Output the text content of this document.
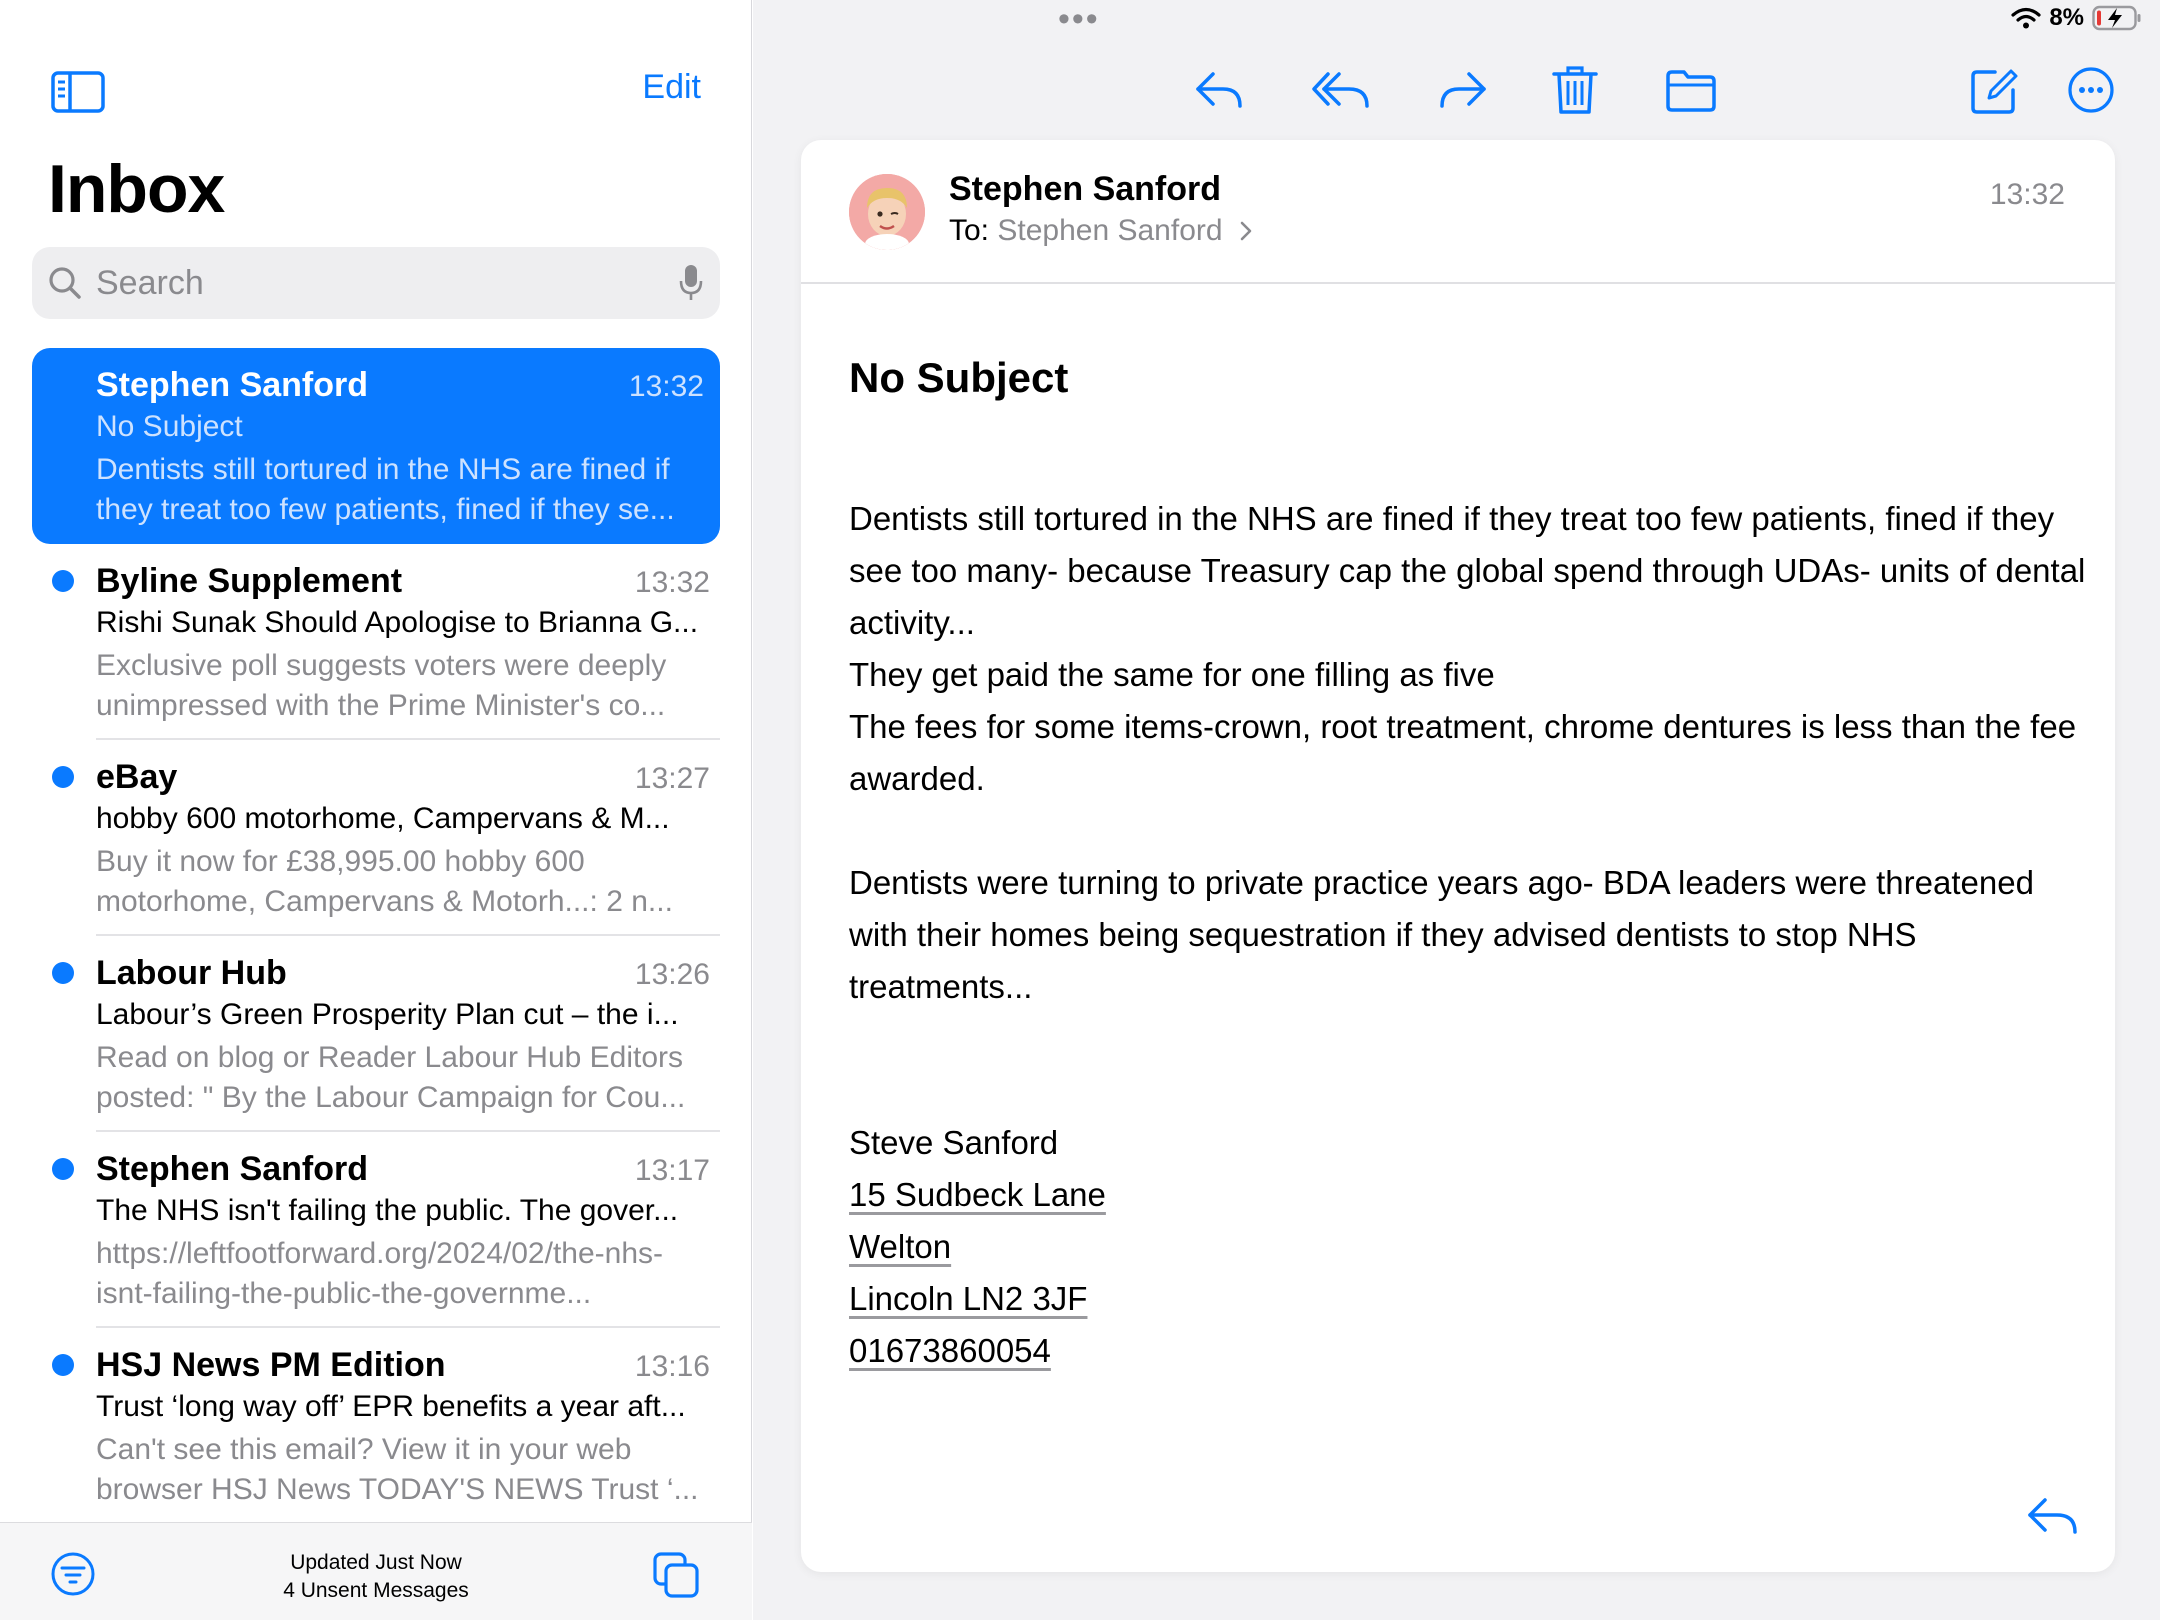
Edit
Inbox
Search
Stephen Sanford	13:32
No Subject
Dentists still tortured in the NHS are fined if they treat too few patients, fined if they se...
Byline Supplement	13:32
Rishi Sunak Should Apologise to Brianna G...
Exclusive poll suggests voters were deeply unimpressed with the Prime Minister's co...
eBay	13:27
hobby 600 motorhome, Campervans & M...
Buy it now for £38,995.00 hobby 600 motorhome, Campervans & Motorh...: 2 n...
Labour Hub	13:26
Labour’s Green Prosperity Plan cut – the i...
Read on blog or Reader Labour Hub Editors posted: " By the Labour Campaign for Cou...
Stephen Sanford	13:17
The NHS isn't failing the public. The gover...
https://leftfootforward.org/2024/02/the-nhs-isnt-failing-the-public-the-governme...
HSJ News PM Edition	13:16
Trust ‘long way off’ EPR benefits a year aft...
Can't see this email? View it in your web browser HSJ News TODAY'S NEWS Trust ‘...
Updated Just Now
4 Unsent Messages
•••
Stephen Sanford
To: Stephen Sanford
13:32
No Subject

Dentists still tortured in the NHS are fined if they treat too few patients, fined if they see too many- because Treasury cap the global spend through UDAs- units of dental activity...

They get paid the same for one filling as five

The fees for some items-crown, root treatment, chrome dentures is less than the fee awarded.

Dentists were turning to private practice years ago- BDA leaders were threatened with their homes being sequestration if they advised dentists to stop NHS treatments...

Steve Sanford

15 Sudbeck Lane

Welton

Lincoln LN2 3JF

01673860054

8%
